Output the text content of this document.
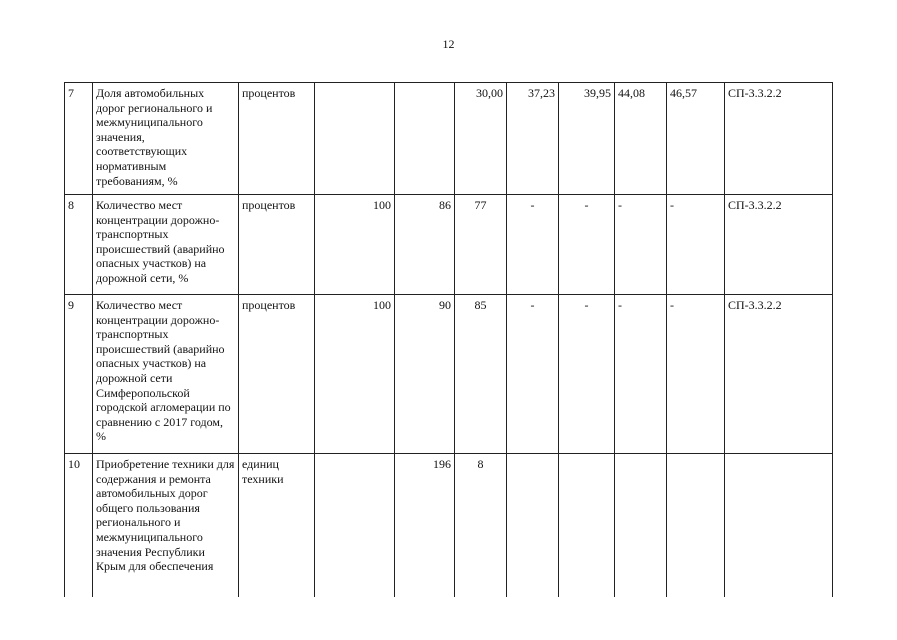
12
7	Доля автомобильных дорог регионального и межмуниципального значения, соответствующих нормативным требованиям, %	процентов			30,00	37,23	39,95	44,08	46,57	СП-3.3.2.2
8	Количество мест концентрации дорожно-транспортных происшествий (аварийно опасных участков) на дорожной сети, %	процентов	100	86	77	-	-	-	-	СП-3.3.2.2
9	Количество мест концентрации дорожно-транспортных происшествий (аварийно опасных участков) на дорожной сети Симферопольской городской агломерации по сравнению с 2017 годом, %	процентов	100	90	85	-	-	-	-	СП-3.3.2.2
10	Приобретение техники для содержания и ремонта автомобильных дорог общего пользования регионального и межмуниципального значения Республики Крым для обеспечения	единиц техники		196	8					
